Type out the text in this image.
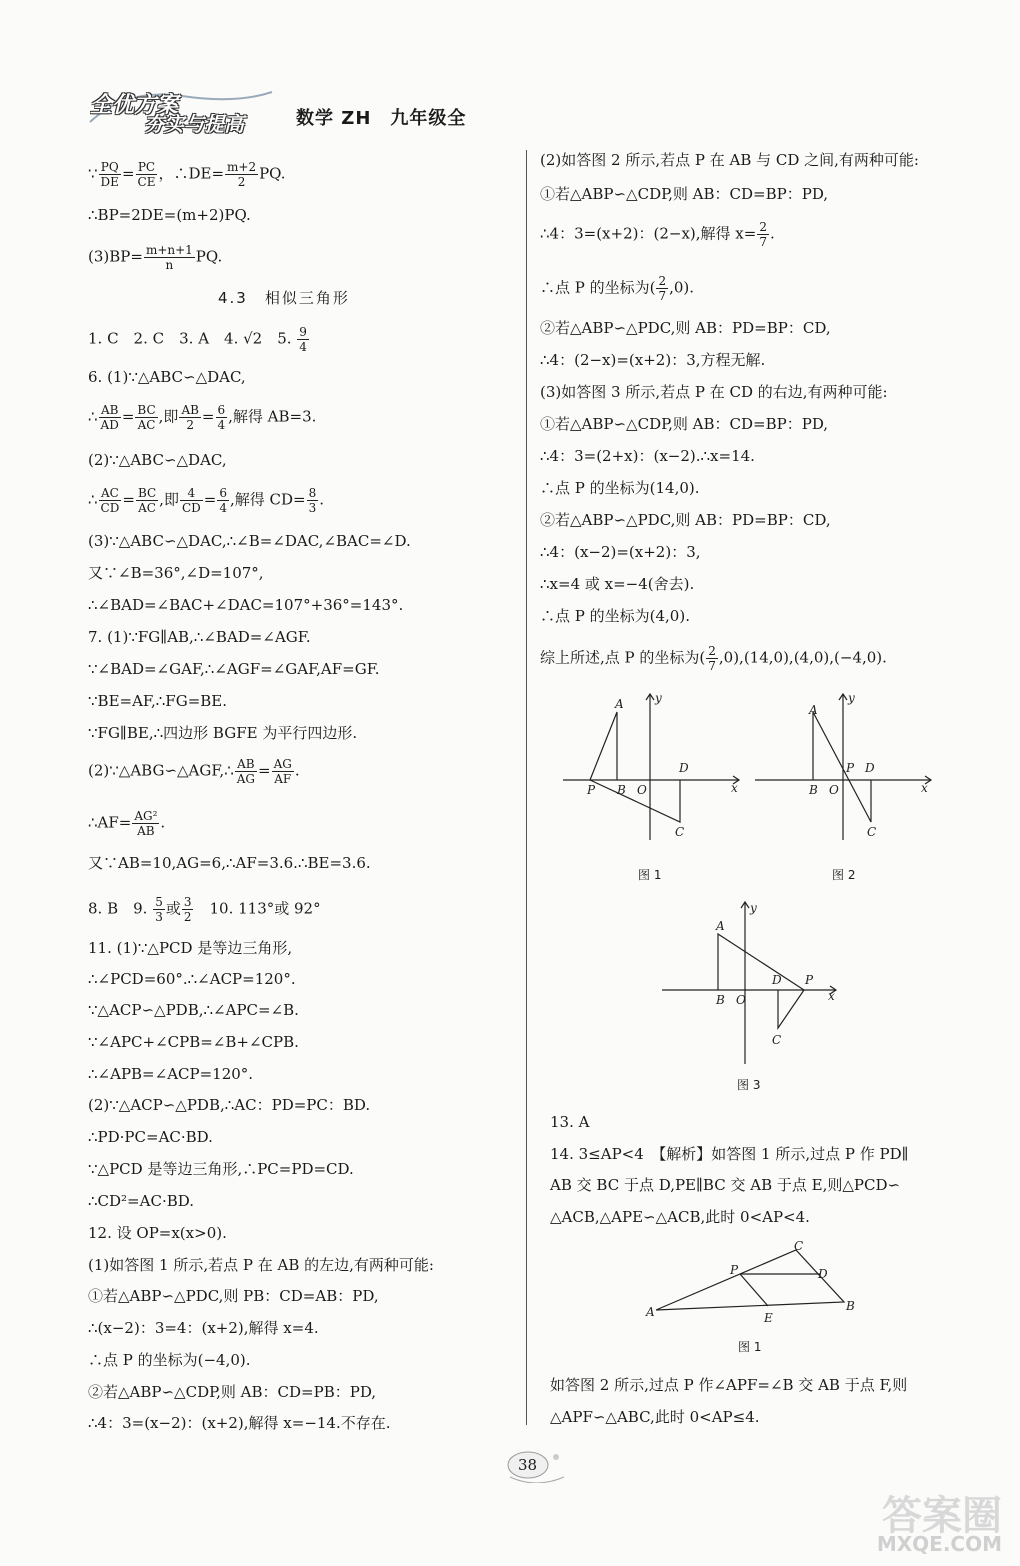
全优方案
夯实与提高	数学 ZH　九年级全
∵ $\frac{PQ}{DE} = \frac{PC}{CE}$ ，∴DE= $\frac{m+2}{2}$ PQ.
∴BP=2DE=(m+2)PQ.
$(3)BP= \frac{m+n+1}{n}$ PQ.
4.3　相似三角形
1. C　2. C　3. A　4. √2　5. $\frac{9}{4}$
6. (1)∵△ABC∽△DAC,
∴ $\frac{AB}{AD} = \frac{BC}{AC}$ ,即 $\frac{AB}{2} = \frac{6}{4}$ ,解得 AB=3.
(2)∵△ABC∽△DAC,
∴ $\frac{AC}{CD} = \frac{BC}{AC}$ ,即 $\frac{4}{CD} = \frac{6}{4}$ ,解得 $CD= \frac{8}{3}$ .
(3)∵△ABC∽△DAC,∴∠B=∠DAC,∠BAC=∠D.
又∵∠B=36°,∠D=107°,
∴∠BAD=∠BAC+∠DAC=107°+36°=143°.
7. (1)∵FG∥AB,∴∠BAD=∠AGF.
∵∠BAD=∠GAF,∴∠AGF=∠GAF,AF=GF.
∵BE=AF,∴FG=BE.
∵FG∥BE,∴四边形 BGFE 为平行四边形.
(2)∵△ABG∽△AGF,∴ $\frac{AB}{AG} = \frac{AG}{AF}$ .
∴AF= $\frac{\text{AG²}}{AB}$ .
又∵AB=10,AG=6,∴AF=3.6.∴BE=3.6.
8. B　9. $\frac{5}{3}$ 或 $\frac{3}{2}$ 　10. 113°或 92°
11. (1)∵△PCD 是等边三角形,
∴∠PCD=60°.∴∠ACP=120°.
∵△ACP∽△PDB,∴∠APC=∠B.
∵∠APC+∠CPB=∠B+∠CPB.
∴∠APB=∠ACP=120°.
(2)∵△ACP∽△PDB,∴AC：PD=PC：BD.
∴PD·PC=AC·BD.
∵△PCD 是等边三角形,∴PC=PD=CD.
∴CD²=AC·BD.
12. 设 OP=x(x>0).
(1)如答图 1 所示,若点 P 在 AB 的左边,有两种可能:
①若△ABP∽△PDC,则 PB：CD=AB：PD,
∴(x−2)：3=4：(x+2),解得 x=4.
∴点 P 的坐标为(−4,0).
②若△ABP∽△CDP,则 AB：CD=PB：PD,
∴4：3=(x−2)：(x+2),解得 x=−14.不存在.
(2)如答图 2 所示,若点 P 在 AB 与 CD 之间,有两种可能:
①若△ABP∽△CDP,则 AB：CD=BP：PD,
∴4：3=(x+2)：(2−x),解得 $x= \frac{2}{7}$ .
∴点 P 的坐标为( $\frac{2}{7} ,0$).
②若△ABP∽△PDC,则 AB：PD=BP：CD,
∴4：(2−x)=(x+2)：3,方程无解.
(3)如答图 3 所示,若点 P 在 CD 的右边,有两种可能:
①若△ABP∽△CDP,则 AB：CD=BP：PD,
∴4：3=(2+x)：(x−2).∴x=14.
∴点 P 的坐标为(14,0).
②若△ABP∽△PDC,则 AB：PD=BP：CD,
∴4：(x−2)=(x+2)：3,
∴x=4 或 x=−4(舍去).
∴点 P 的坐标为(4,0).
综上所述,点 P 的坐标为( $\frac{2}{7} ,0),(14,0),(4,0),(-4,0)$.
A
P B O
D
C
x
y
图 1
A
B O
P D
C
x
y
图 2
A
B O
D P
C
x
y
图 3
13. A
14. 3≤AP<4　【解析】如答图 1 所示,过点 P 作 PD∥
AB 交 BC 于点 D,PE∥BC 交 AB 于点 E,则△PCD∽
△ACB,△APE∽△ACB,此时 0<AP<4.
A
C
P	D
E
B
图 1
如答图 2 所示,过点 P 作∠APF=∠B 交 AB 于点 F,则
△APF∽△ABC,此时 0<AP≤4.
38
答案圈
MXQE.COM
